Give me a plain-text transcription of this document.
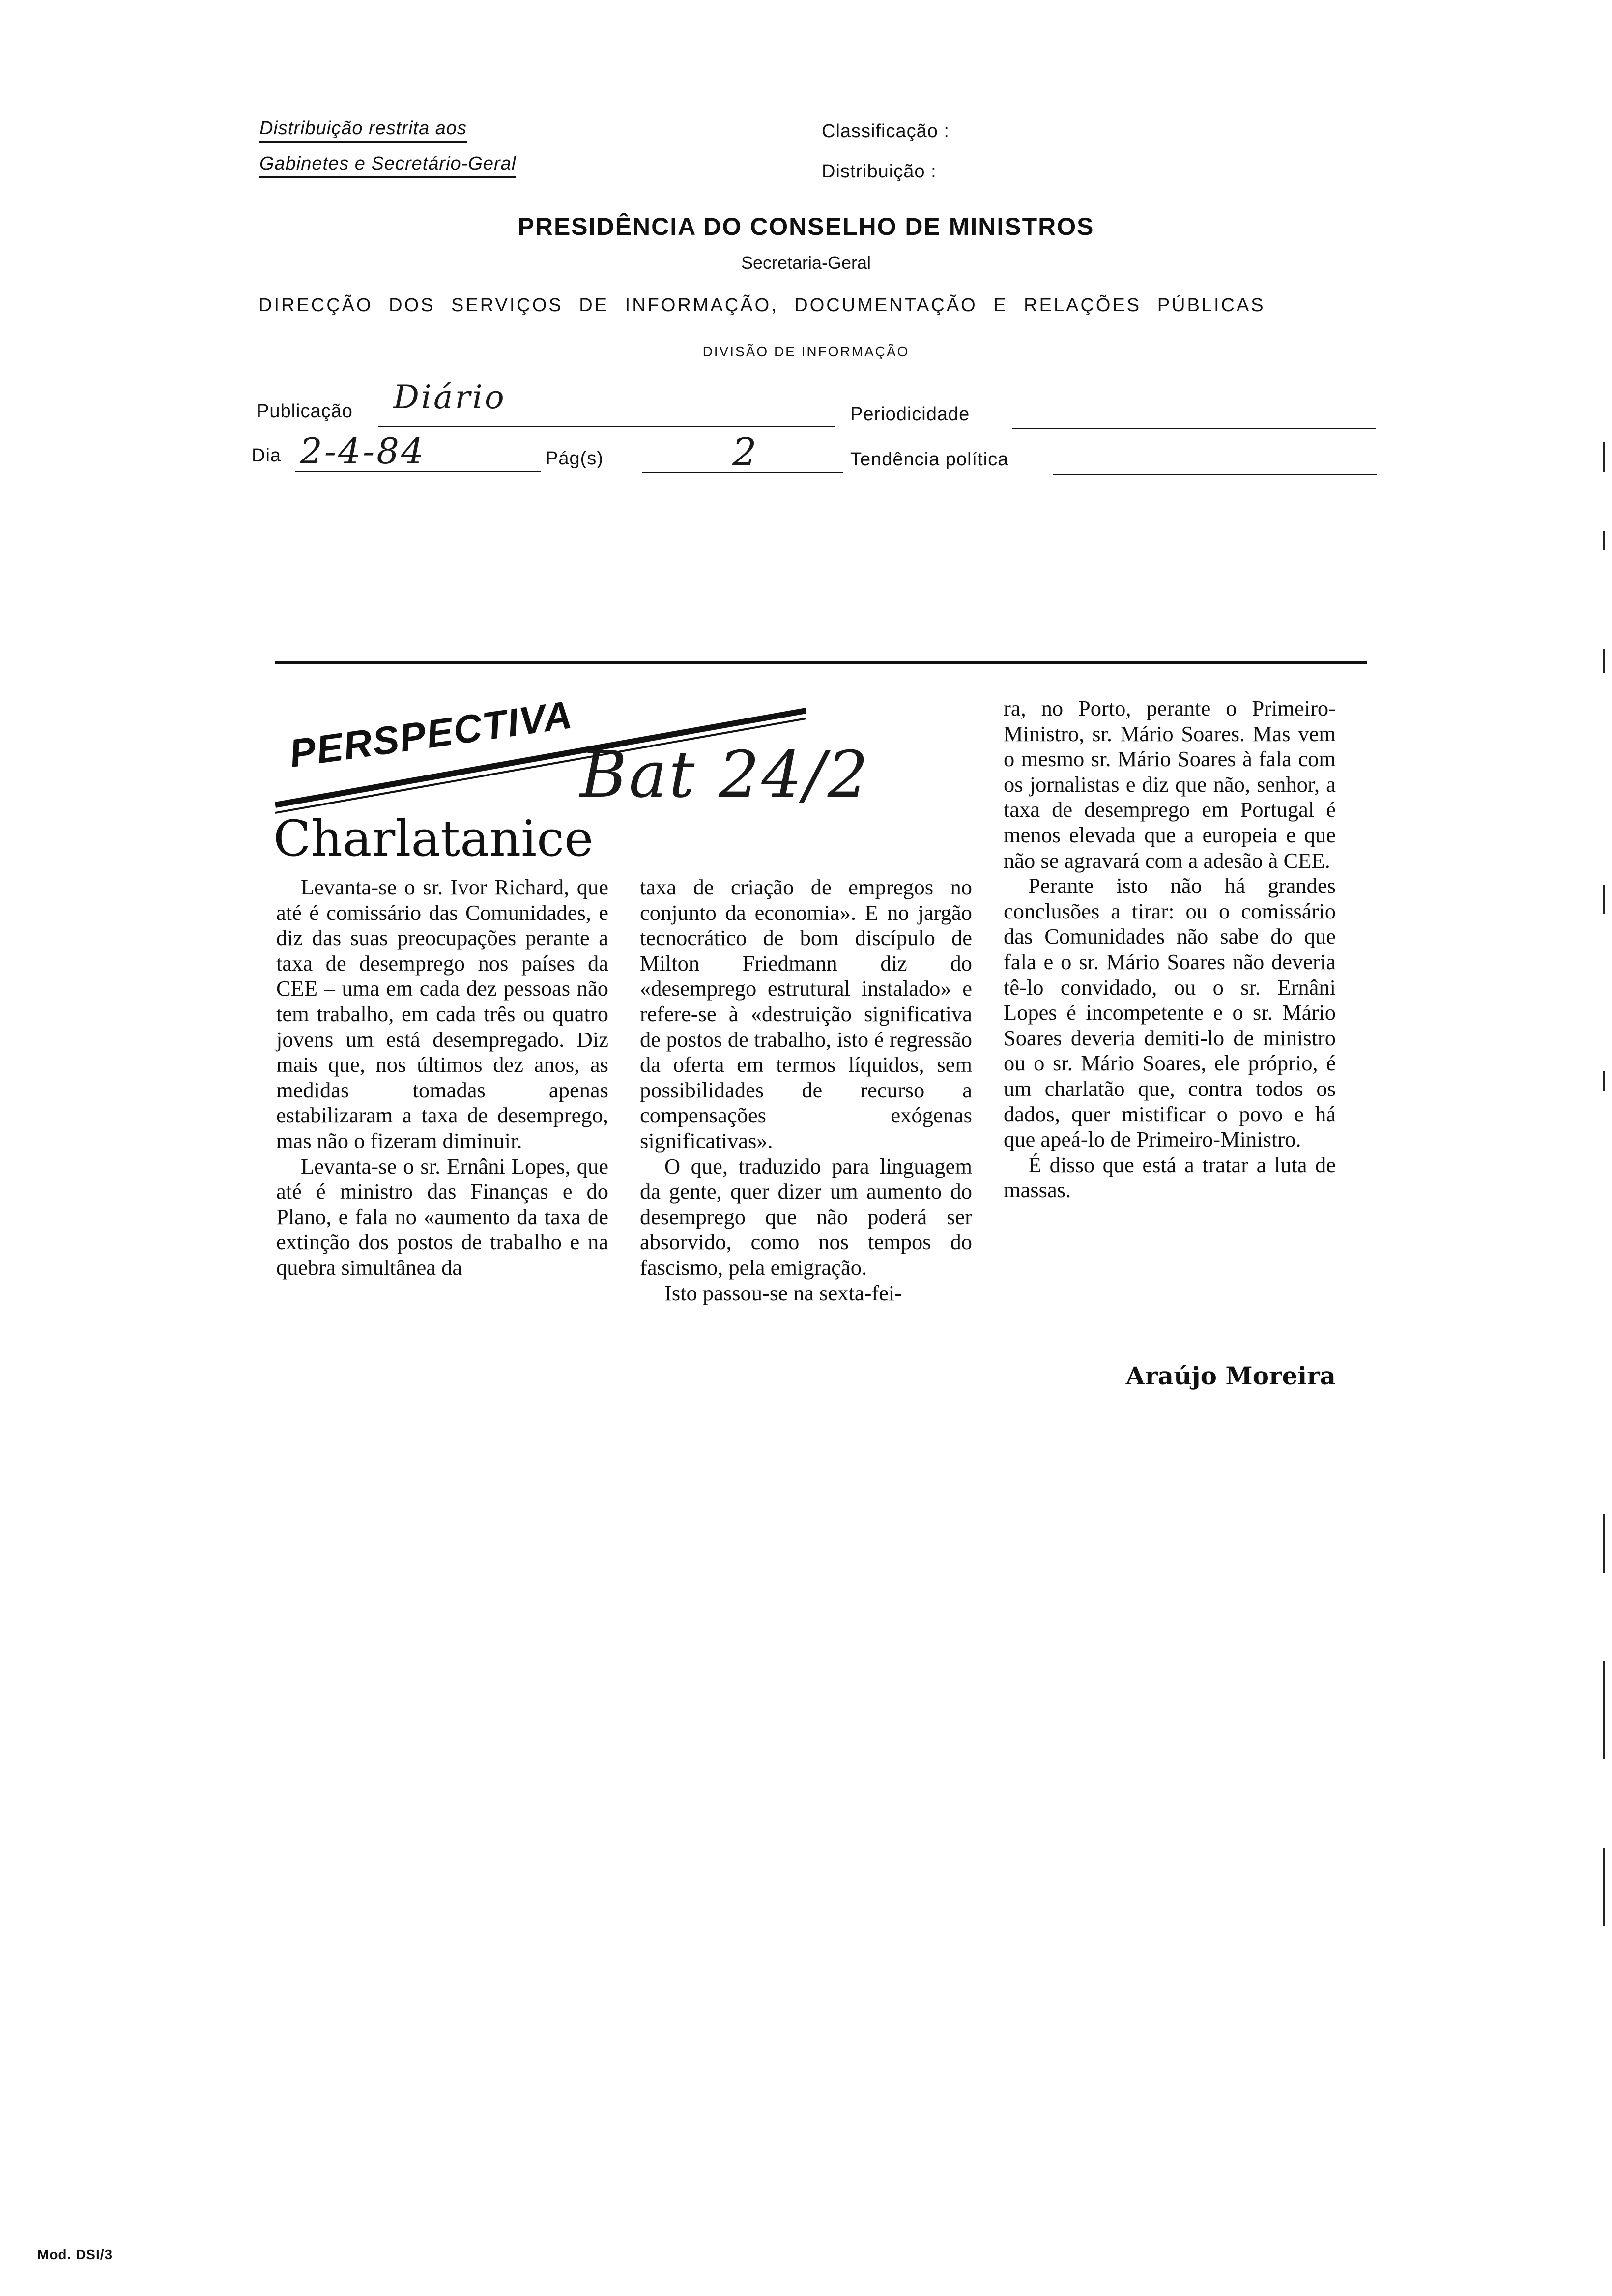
Distribuição restrita aos
Gabinetes e Secretário-Geral
Classificação :
Distribuição :
PRESIDÊNCIA DO CONSELHO DE MINISTROS
Secretaria-Geral
DIRECÇÃO DOS SERVIÇOS DE INFORMAÇÃO, DOCUMENTAÇÃO E RELAÇÕES PÚBLICAS
DIVISÃO DE INFORMAÇÃO
Publicação Diário	Periodicidade
Dia 2-4-84	Pág(s)	2	Tendência política
PERSPECTIVA Bat 24/2
Charlatanice

Levanta-se o sr. Ivor Richard, que até é comissário das Comunidades, e diz das suas preocupações perante a taxa de desemprego nos países da CEE – uma em cada dez pessoas não tem trabalho, em cada três ou quatro jovens um está desempregado. Diz mais que, nos últimos dez anos, as medidas tomadas apenas estabilizaram a taxa de desemprego, mas não o fizeram diminuir.

Levanta-se o sr. Ernâni Lopes, que até é ministro das Finanças e do Plano, e fala no «aumento da taxa de extinção dos postos de trabalho e na quebra simultânea da

taxa de criação de empregos no conjunto da economia». E no jargão tecnocrático de bom discípulo de Milton Friedmann diz do «desemprego estrutural instalado» e refere-se à «destruição significativa de postos de trabalho, isto é regressão da oferta em termos líquidos, sem possibilidades de recurso a compensações exógenas significativas».

O que, traduzido para linguagem da gente, quer dizer um aumento do desemprego que não poderá ser absorvido, como nos tempos do fascismo, pela emigração.

Isto passou-se na sexta-fei-

ra, no Porto, perante o Primeiro-Ministro, sr. Mário Soares. Mas vem o mesmo sr. Mário Soares à fala com os jornalistas e diz que não, senhor, a taxa de desemprego em Portugal é menos elevada que a europeia e que não se agravará com a adesão à CEE.

Perante isto não há grandes conclusões a tirar: ou o comissário das Comunidades não sabe do que fala e o sr. Mário Soares não deveria tê-lo convidado, ou o sr. Ernâni Lopes é incompetente e o sr. Mário Soares deveria demiti-lo de ministro ou o sr. Mário Soares, ele próprio, é um charlatão que, contra todos os dados, quer mistificar o povo e há que apeá-lo de Primeiro-Ministro.

É disso que está a tratar a luta de massas.

Araújo Moreira
Mod. DSI/3
